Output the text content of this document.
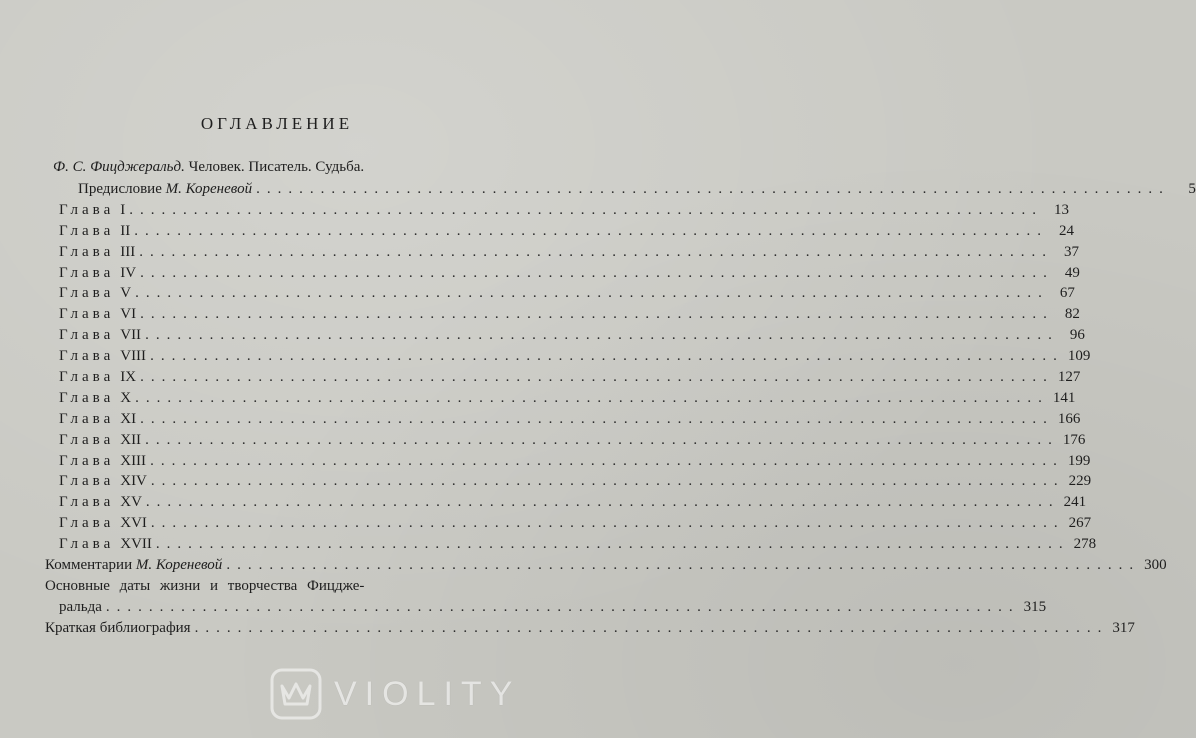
ОГЛАВЛЕНИЕ
Ф. С. Фицджеральд. Человек. Писатель. Судьба.
Предисловие М. Кореневой .....................................................................................	5
Глава I ..................................................................................... 13
Глава II ..................................................................................... 24
Глава III ..................................................................................... 37
Глава IV ..................................................................................... 49
Глава V ..................................................................................... 67
Глава VI ..................................................................................... 82
Глава VII ..................................................................................... 96
Глава VIII ..................................................................................... 109
Глава IX ..................................................................................... 127
Глава X ..................................................................................... 141
Глава XI ..................................................................................... 166
Глава XII ..................................................................................... 176
Глава XIII ..................................................................................... 199
Глава XIV ..................................................................................... 229
Глава XV ..................................................................................... 241
Глава XVI ..................................................................................... 267
Глава XVII ..................................................................................... 278
Комментарии М. Кореневой ..................................................................................... 300
Основные даты жизни и творчества Фицдже-
ральда ..................................................................................... 315
Краткая библиография ..................................................................................... 317
VIOLITY
